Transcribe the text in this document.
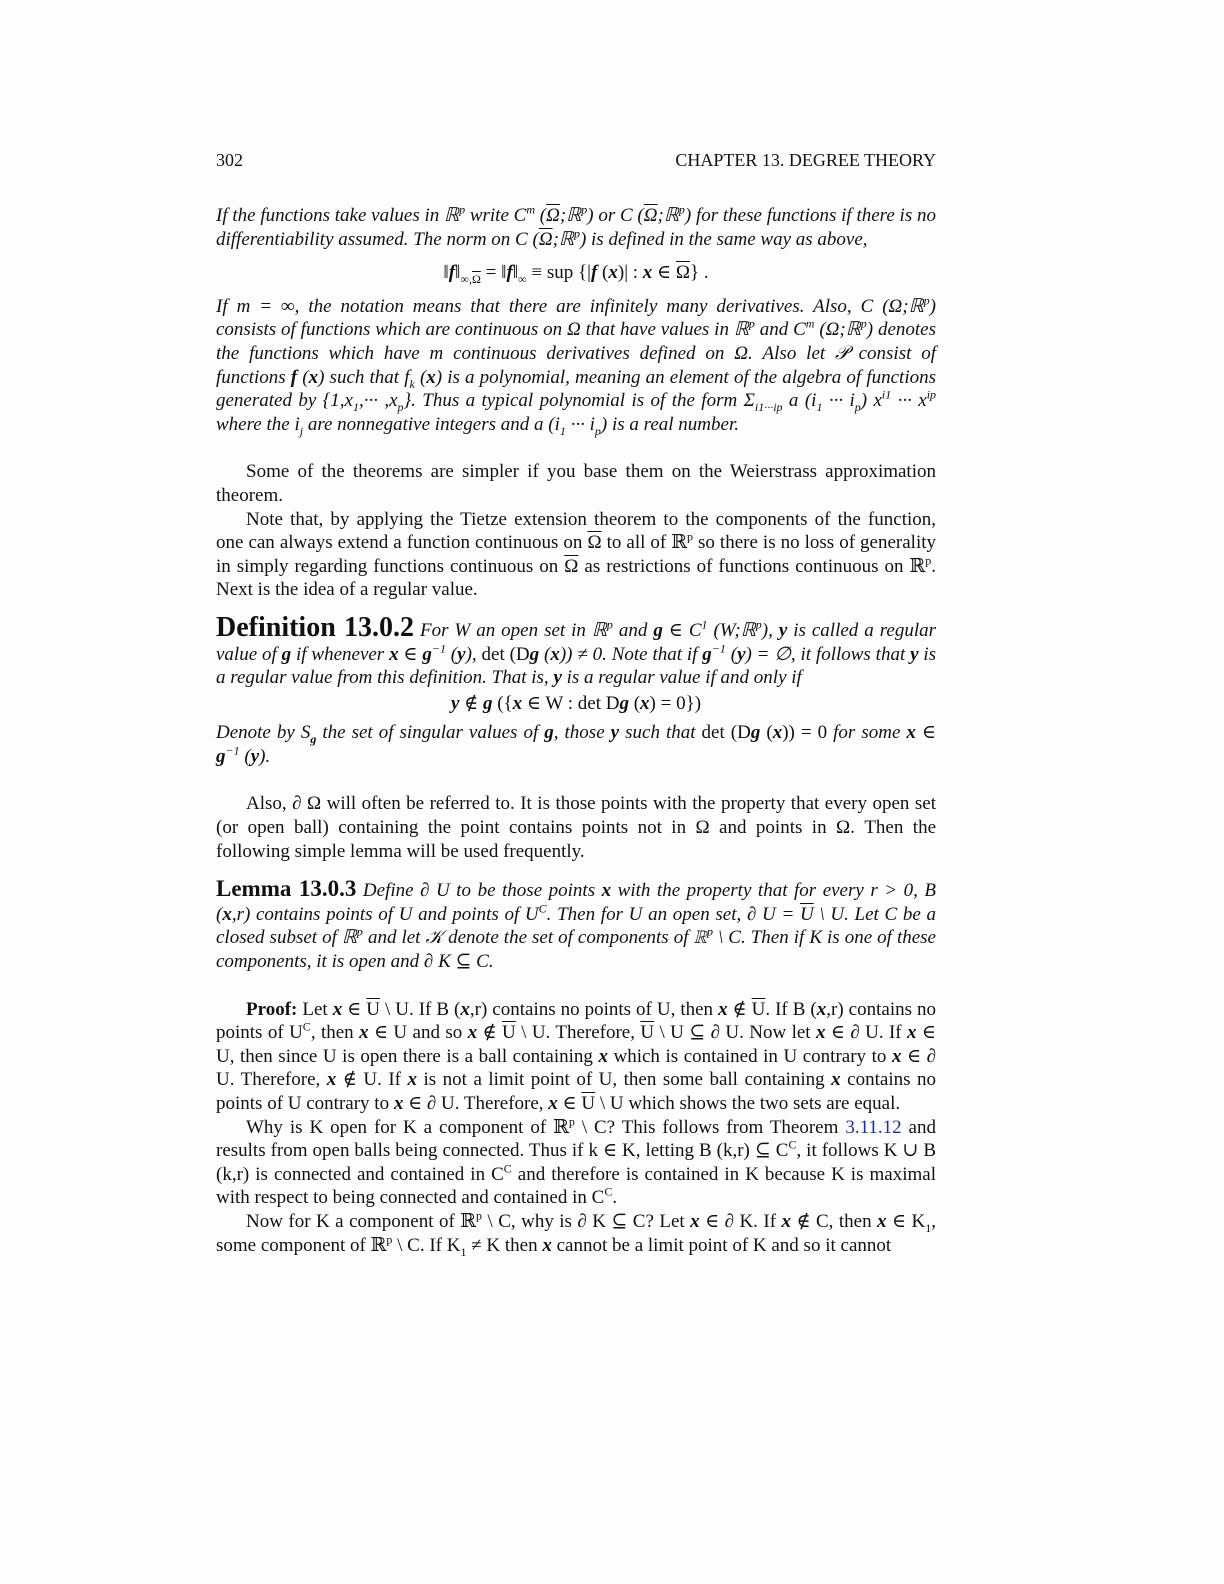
302	CHAPTER 13. DEGREE THEORY

If the functions take values in ℝ$^p$ write $C^m$ $(\overline{\Omega};ℝ^p)$ or C $(\overline{\Omega};ℝ^p)$ for these functions if there is no differentiability assumed. The norm on C $(\overline{\Omega};ℝ^p)$ is defined in the same way as above,

$‖f‖_{\infty,\overline{\Omega}}$ = $‖f‖_\infty$ ≡ sup {|f (x)| : x ∈ $\overline{\Omega}$} .

If m = ∞, the notation means that there are infinitely many derivatives. Also, C (Ω;ℝ$^p$) consists of functions which are continuous on Ω that have values in ℝ$^p$ and $C^m$ (Ω;ℝ$^p$) denotes the functions which have m continuous derivatives defined on Ω. Also let 𝒫 consist of functions f (x) such that $f_k$ (x) is a polynomial, meaning an element of the algebra of functions generated by $\{1,x_1,\cdot\cdot\cdot ,x_p\}$. Thus a typical polynomial is of the form $\Sigma_{i1\cdot\cdot\cdot ip}$ a ($i_1$ ··· $i_p$) $x^{i1}$ ··· $x^{ip}$ where the $i_j$ are nonnegative integers and a ($i_1$ ··· $i_p$) is a real number.

Some of the theorems are simpler if you base them on the Weierstrass approximation theorem.

Note that, by applying the Tietze extension theorem to the components of the function, one can always extend a function continuous on $\overline{\Omega}$ to all of ℝ$^p$ so there is no loss of generality in simply regarding functions continuous on $\overline{\Omega}$ as restrictions of functions continuous on ℝ$^p$. Next is the idea of a regular value.

Definition 13.0.2 For W an open set in ℝ$^p$ and g ∈ $C^1$ (W;ℝ$^p$), y is called a regular value of g if whenever x ∈ $g^{-1}$ (y), det (Dg (x)) ≠ 0. Note that if $g^{-1}$ (y) = ∅, it follows that y is a regular value from this definition. That is, y is a regular value if and only if

y ∉ g ({x ∈ W : det Dg (x) = 0})

Denote by $S_g$ the set of singular values of g, those y such that det (Dg (x)) = 0 for some x ∈ $g^{-1}$ (y).

Also, ∂ Ω will often be referred to. It is those points with the property that every open set (or open ball) containing the point contains points not in Ω and points in Ω. Then the following simple lemma will be used frequently.

Lemma 13.0.3 Define ∂ U to be those points x with the property that for every r > 0, B (x,r) contains points of U and points of $U^C$. Then for U an open set, ∂ $U = \overline{U}$ \ U. Let C be a closed subset of ℝ$^p$ and let 𝒦 denote the set of components of ℝ$^p$ \ C. Then if K is one of these components, it is open and ∂ K ⊆ C.

Proof: Let x ∈ $\overline{U}$ \ U. If B (x,r) contains no points of U, then x ∉ $\overline{U}$. If B (x,r) contains no points of $U^C$, then x ∈ U and so x ∉ $\overline{U}$ \ U. Therefore, $\overline{U}$ \ U ⊆ ∂ U. Now let x ∈ ∂ U. If x ∈ U, then since U is open there is a ball containing x which is contained in U contrary to x ∈ ∂ U. Therefore, x ∉ U. If x is not a limit point of U, then some ball containing x contains no points of U contrary to x ∈ ∂ U. Therefore, x ∈ $\overline{U}$ \ U which shows the two sets are equal.

Why is K open for K a component of ℝ$^p$ \ C? This follows from Theorem 3.11.12 and results from open balls being connected. Thus if k ∈ K, letting B (k,r) ⊆ $C^C$, it follows K ∪ B (k,r) is connected and contained in $C^C$ and therefore is contained in K because K is maximal with respect to being connected and contained in $C^C$.

Now for K a component of ℝ$^p$ \ C, why is ∂ K ⊆ C? Let x ∈ ∂ K. If x ∉ C, then x ∈ $K_1$, some component of ℝ$^p$ \ C. If $K_1 \ne K$ then x cannot be a limit point of K and so it cannot
